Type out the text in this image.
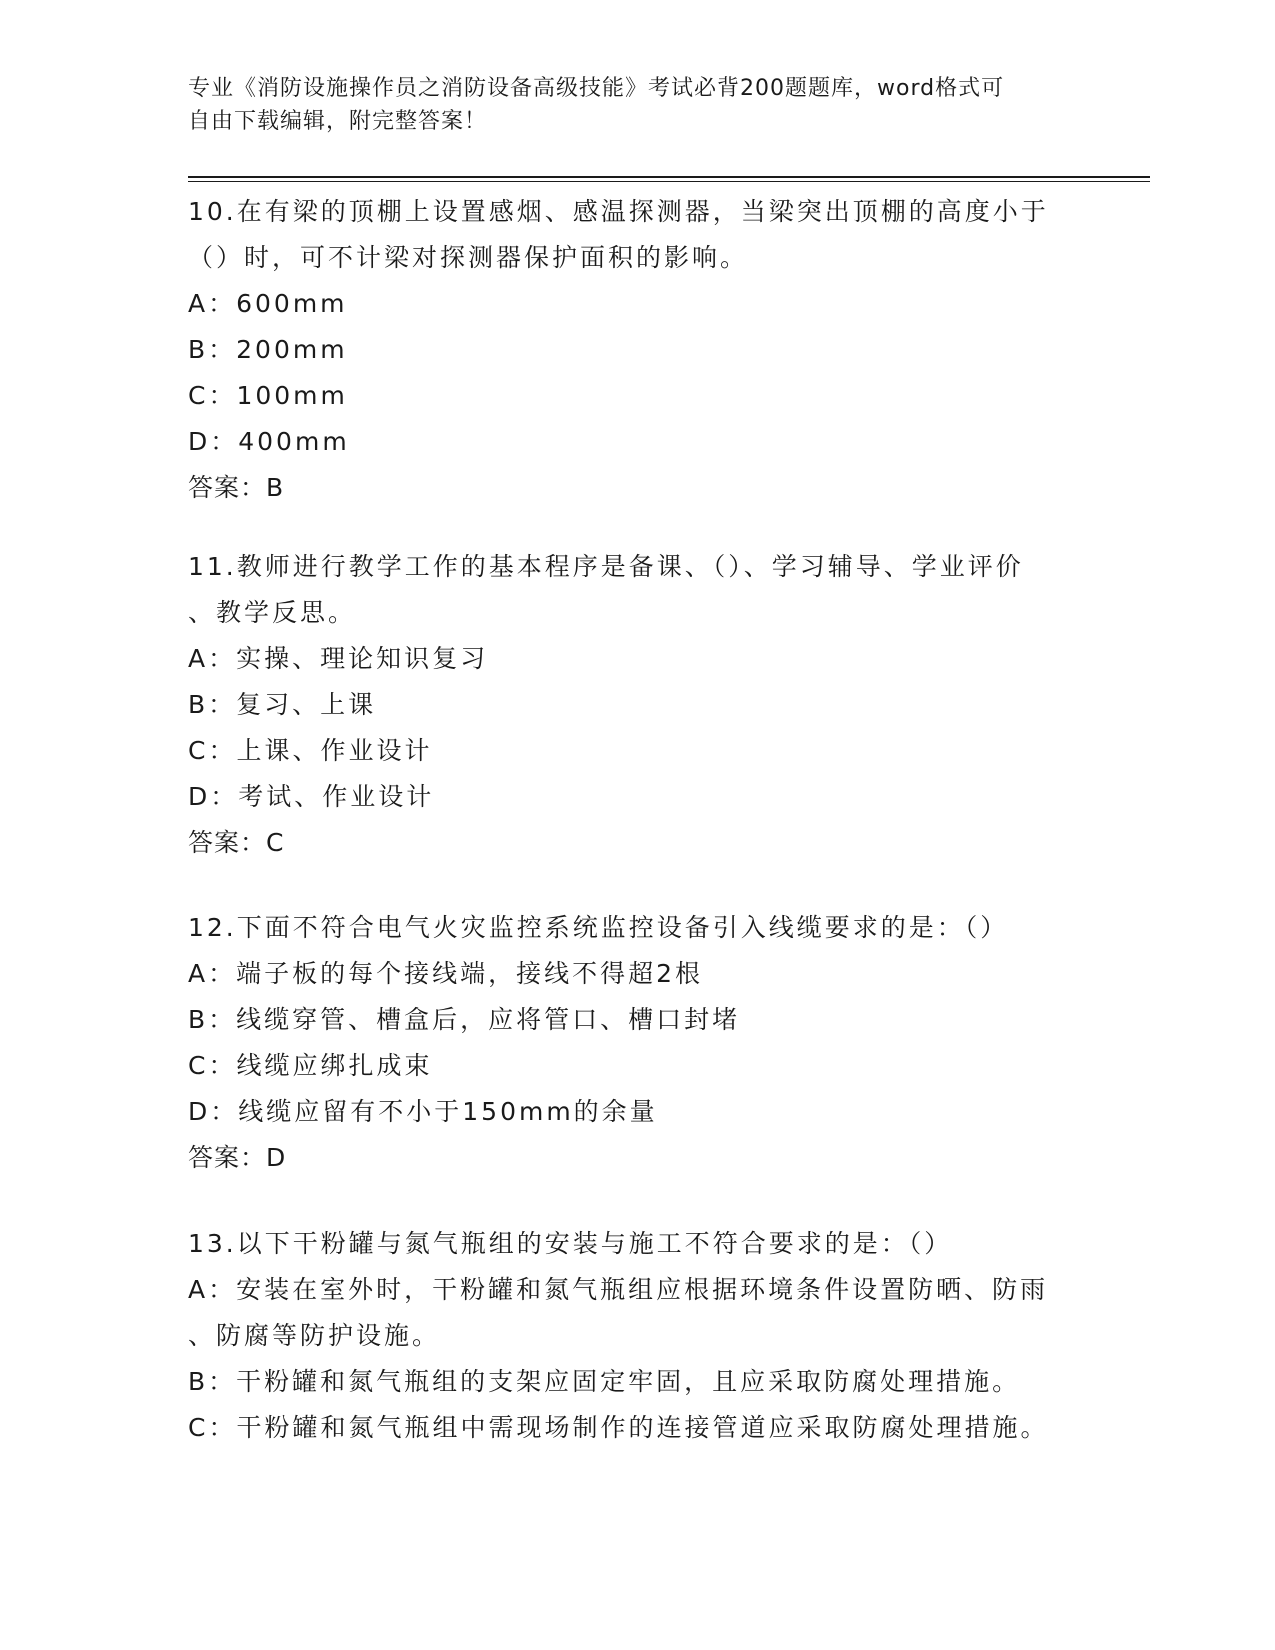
专业《消防设施操作员之消防设备高级技能》考试必背200题题库，word格式可
自由下载编辑，附完整答案！
10.在有梁的顶棚上设置感烟、感温探测器，当梁突出顶棚的高度小于
（）时，可不计梁对探测器保护面积的影响。
A：600mm
B：200mm
C：100mm
D：400mm
答案：B
11.教师进行教学工作的基本程序是备课、（）、学习辅导、学业评价
、教学反思。
A：实操、理论知识复习
B：复习、上课
C：上课、作业设计
D：考试、作业设计
答案：C
12.下面不符合电气火灾监控系统监控设备引入线缆要求的是：（）
A：端子板的每个接线端，接线不得超2根
B：线缆穿管、槽盒后，应将管口、槽口封堵
C：线缆应绑扎成束
D：线缆应留有不小于150mm的余量
答案：D
13.以下干粉罐与氮气瓶组的安装与施工不符合要求的是：（）
A：安装在室外时，干粉罐和氮气瓶组应根据环境条件设置防晒、防雨
、防腐等防护设施。
B：干粉罐和氮气瓶组的支架应固定牢固，且应采取防腐处理措施。
C：干粉罐和氮气瓶组中需现场制作的连接管道应采取防腐处理措施。
